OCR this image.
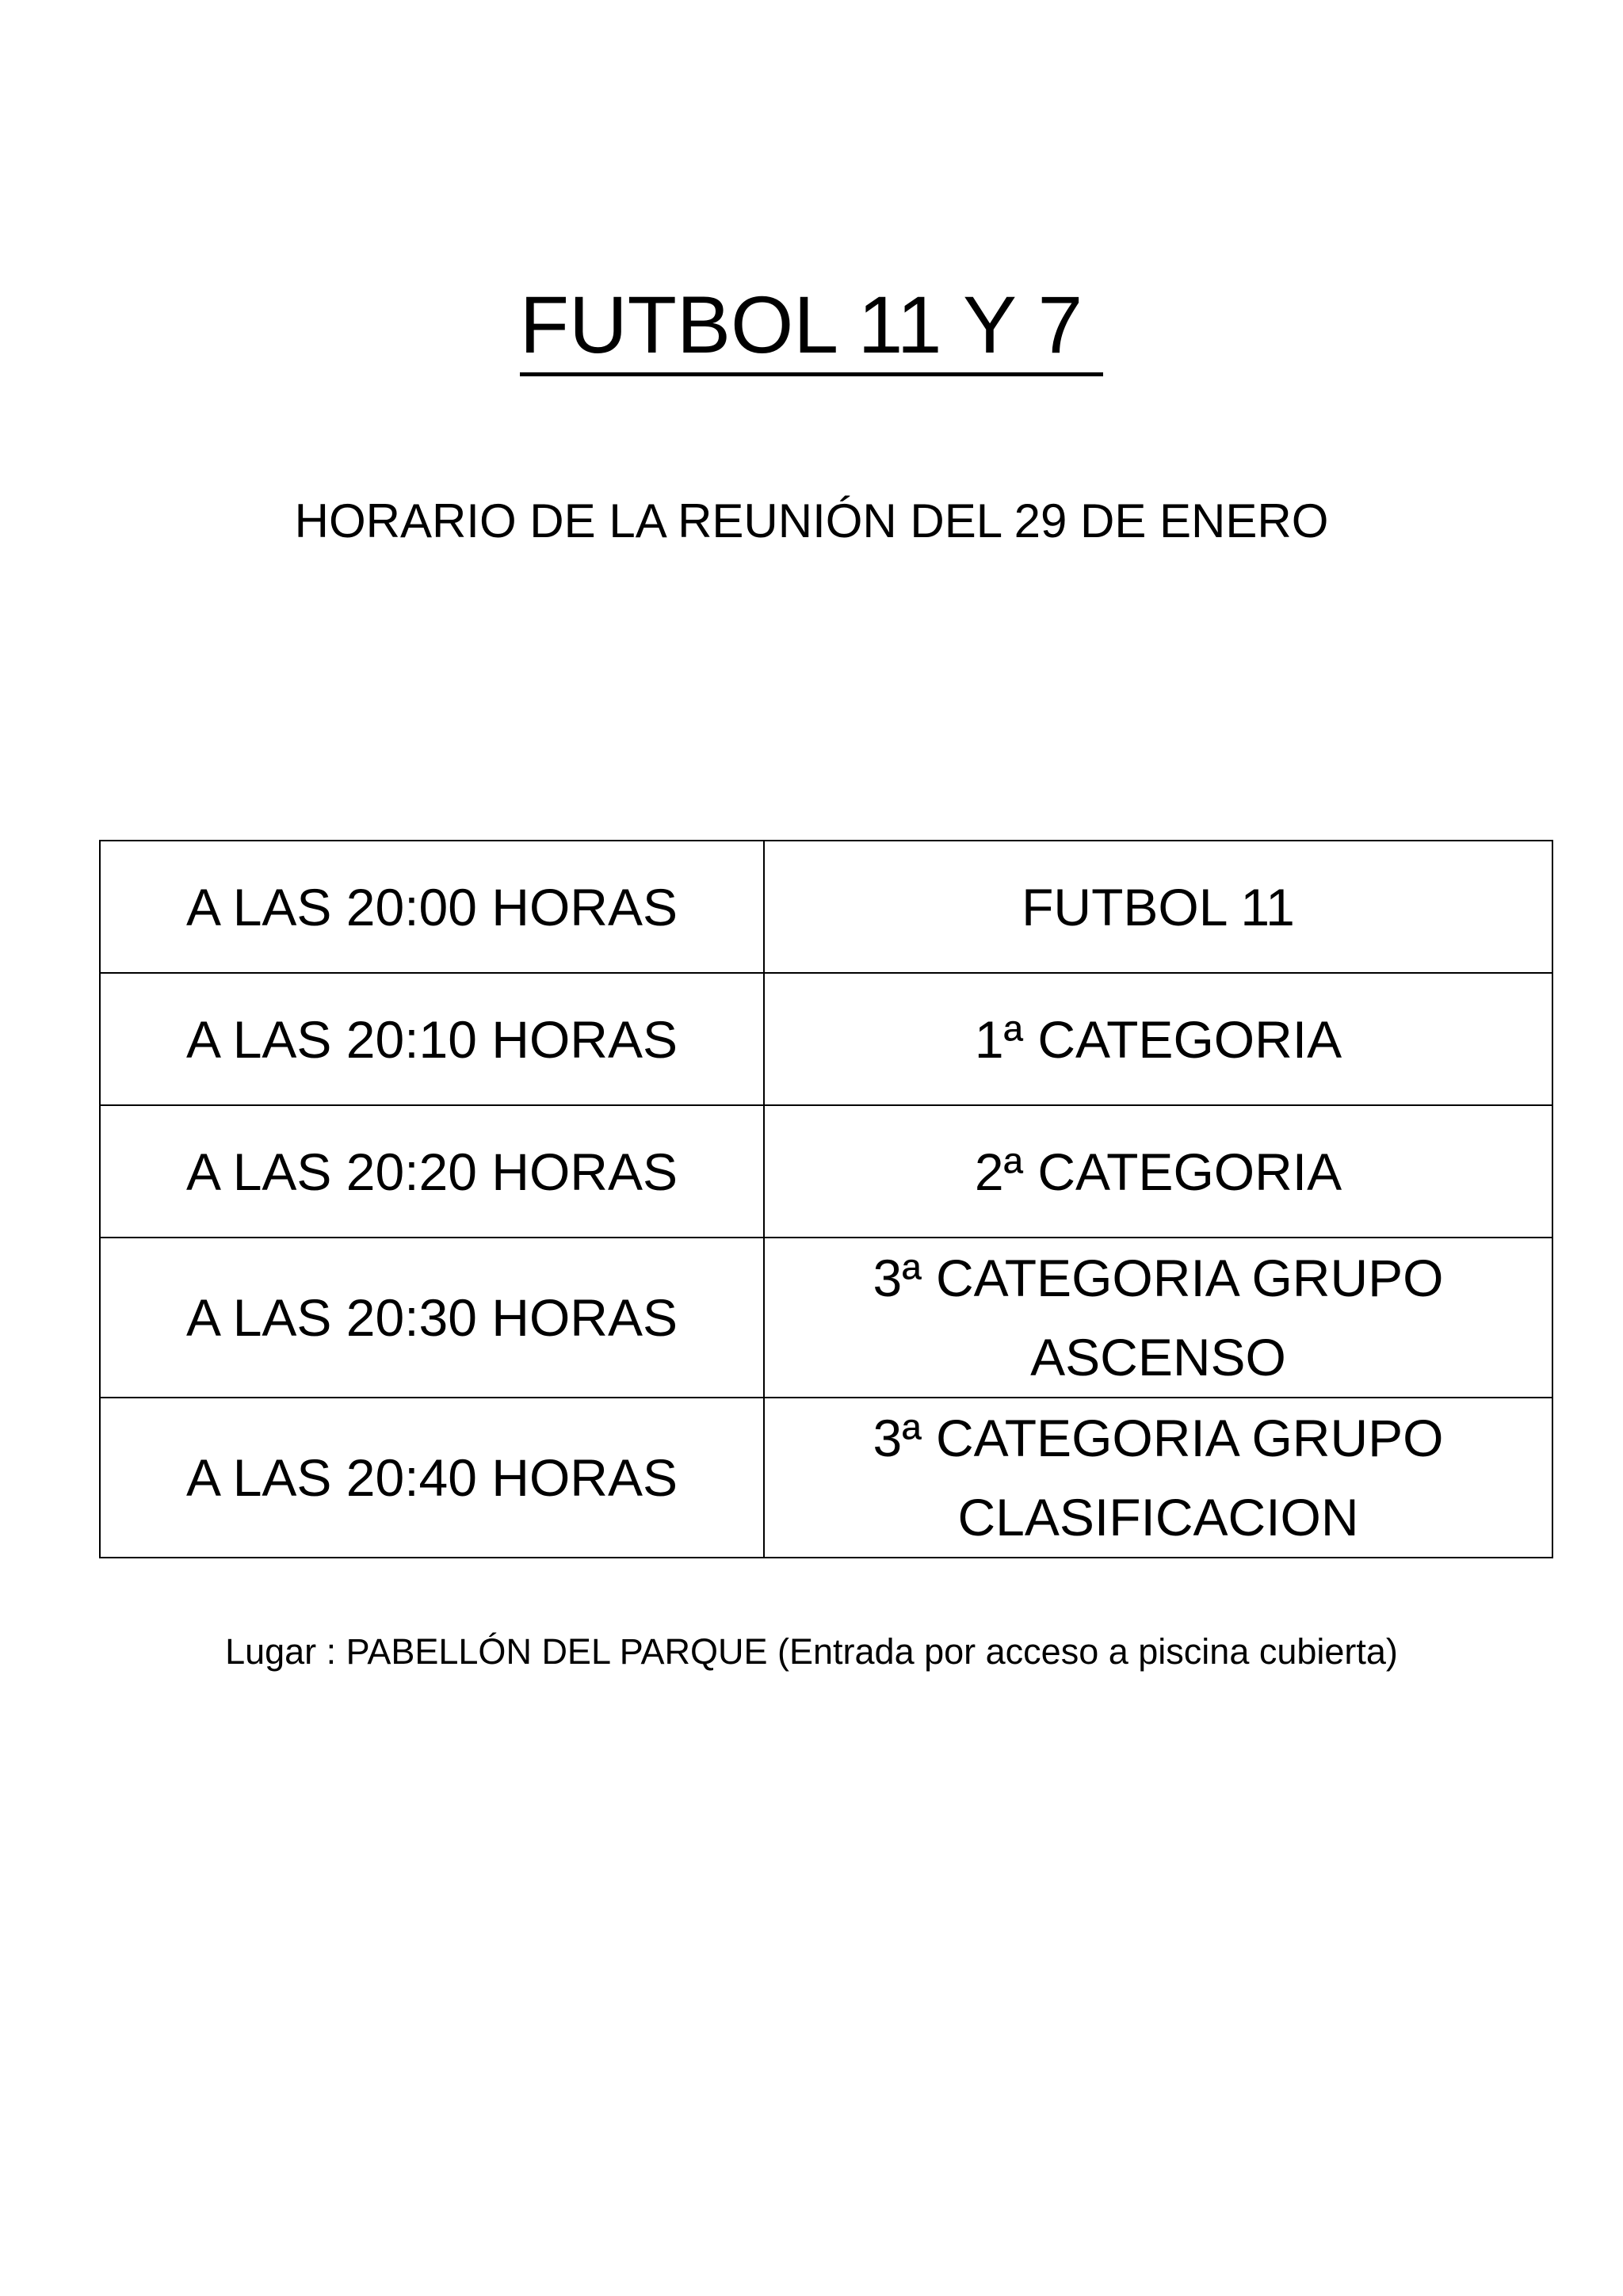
FUTBOL 11 Y 7

HORARIO DE LA REUNIÓN DEL 29 DE ENERO

A LAS 20:00 HORAS	FUTBOL 11
A LAS 20:10 HORAS	1ª CATEGORIA
A LAS 20:20 HORAS	2ª CATEGORIA
A LAS 20:30 HORAS	3ª CATEGORIA GRUPO
ASCENSO
A LAS 20:40 HORAS	3ª CATEGORIA GRUPO
CLASIFICACION

Lugar : PABELLÓN DEL PARQUE (Entrada por acceso a piscina cubierta)
